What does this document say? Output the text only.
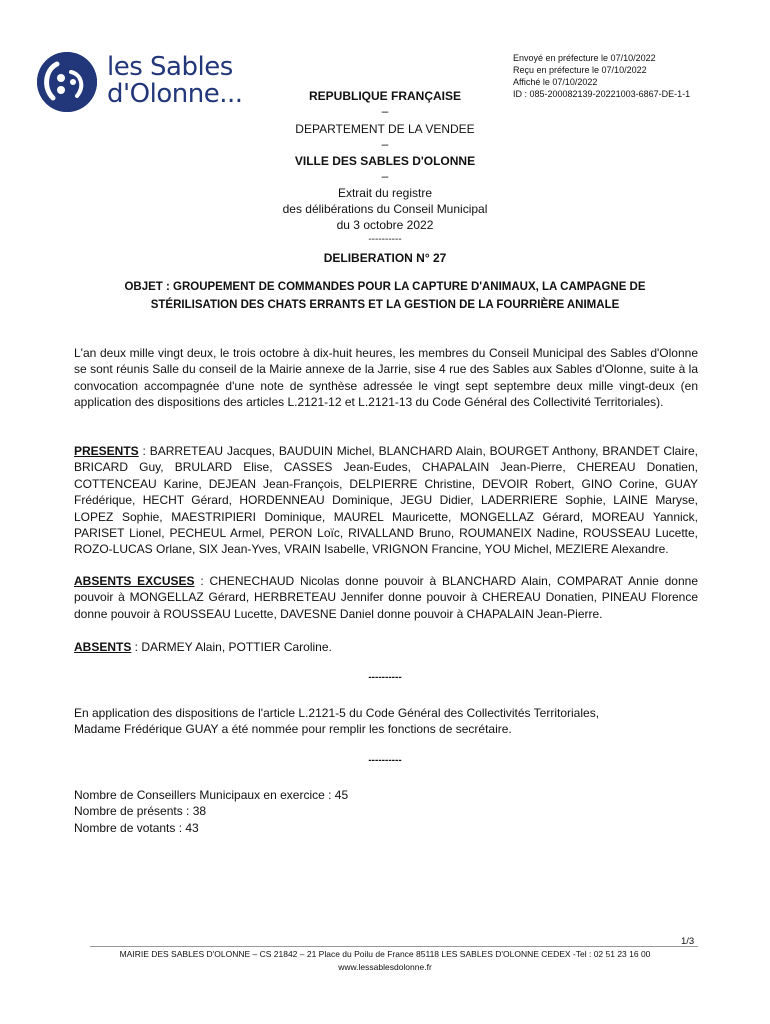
les Sables
d'Olonne...
Envoyé en préfecture le 07/10/2022
Reçu en préfecture le 07/10/2022
Affiché le 07/10/2022
ID : 085-200082139-20221003-6867-DE-1-1
REPUBLIQUE FRANÇAISE
–
DEPARTEMENT DE LA VENDEE
–
VILLE DES SABLES D'OLONNE
–
Extrait du registre
des délibérations du Conseil Municipal
du 3 octobre 2022
----------
DELIBERATION N° 27
OBJET : GROUPEMENT DE COMMANDES POUR LA CAPTURE D'ANIMAUX, LA CAMPAGNE DE
STÉRILISATION DES CHATS ERRANTS ET LA GESTION DE LA FOURRIÈRE ANIMALE
L'an deux mille vingt deux, le trois octobre à dix-huit heures, les membres du Conseil Municipal des Sables d'Olonne se sont réunis Salle du conseil de la Mairie annexe de la Jarrie, sise 4 rue des Sables aux Sables d'Olonne, suite à la convocation accompagnée d'une note de synthèse adressée le vingt sept septembre deux mille vingt-deux (en application des dispositions des articles L.2121-12 et L.2121-13 du Code Général des Collectivité Territoriales).
PRESENTS : BARRETEAU Jacques, BAUDUIN Michel, BLANCHARD Alain, BOURGET Anthony, BRANDET Claire, BRICARD Guy, BRULARD Elise, CASSES Jean-Eudes, CHAPALAIN Jean-Pierre, CHEREAU Donatien, COTTENCEAU Karine, DEJEAN Jean-François, DELPIERRE Christine, DEVOIR Robert, GINO Corine, GUAY Frédérique, HECHT Gérard, HORDENNEAU Dominique, JEGU Didier, LADERRIERE Sophie, LAINE Maryse, LOPEZ Sophie, MAESTRIPIERI Dominique, MAUREL Mauricette, MONGELLAZ Gérard, MOREAU Yannick, PARISET Lionel, PECHEUL Armel, PERON Loïc, RIVALLAND Bruno, ROUMANEIX Nadine, ROUSSEAU Lucette, ROZO-LUCAS Orlane, SIX Jean-Yves, VRAIN Isabelle, VRIGNON Francine, YOU Michel, MEZIERE Alexandre.
ABSENTS EXCUSES : CHENECHAUD Nicolas donne pouvoir à BLANCHARD Alain, COMPARAT Annie donne pouvoir à MONGELLAZ Gérard, HERBRETEAU Jennifer donne pouvoir à CHEREAU Donatien, PINEAU Florence donne pouvoir à ROUSSEAU Lucette, DAVESNE Daniel donne pouvoir à CHAPALAIN Jean-Pierre.
ABSENTS : DARMEY Alain, POTTIER Caroline.
----------
En application des dispositions de l'article L.2121-5 du Code Général des Collectivités Territoriales,
Madame Frédérique GUAY a été nommée pour remplir les fonctions de secrétaire.
----------
Nombre de Conseillers Municipaux en exercice : 45
Nombre de présents : 38
Nombre de votants : 43
1/3
MAIRIE DES SABLES D'OLONNE – CS 21842 – 21 Place du Poilu de France 85118 LES SABLES D'OLONNE CEDEX -Tel : 02 51 23 16 00
www.lessablesdolonne.fr
